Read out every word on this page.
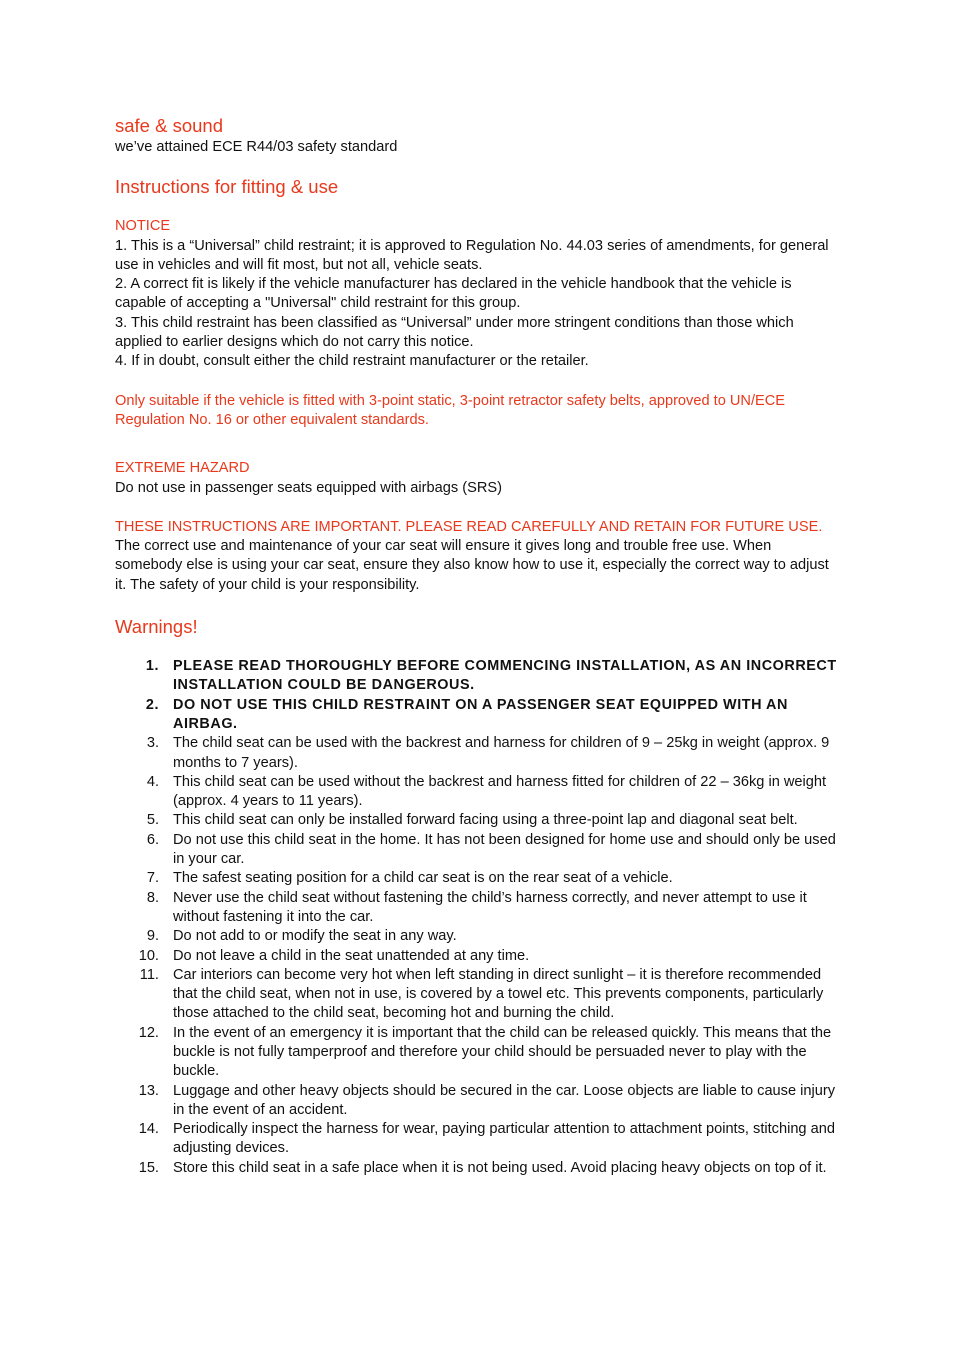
safe & sound

we’ve attained ECE R44/03 safety standard

Instructions for fitting & use
NOTICE

1. This is a “Universal” child restraint; it is approved to Regulation No. 44.03 series of amendments, for general use in vehicles and will fit most, but not all, vehicle seats.

2. A correct fit is likely if the vehicle manufacturer has declared in the vehicle handbook that the vehicle is capable of accepting a "Universal" child restraint for this group.

3. This child restraint has been classified as “Universal” under more stringent conditions than those which applied to earlier designs which do not carry this notice.

4. If in doubt, consult either the child restraint manufacturer or the retailer.

Only suitable if the vehicle is fitted with 3-point static, 3-point retractor safety belts, approved to UN/ECE Regulation No. 16 or other equivalent standards.

EXTREME HAZARD

Do not use in passenger seats equipped with airbags (SRS)

THESE INSTRUCTIONS ARE IMPORTANT. PLEASE READ CAREFULLY AND RETAIN FOR FUTURE USE.

The correct use and maintenance of your car seat will ensure it gives long and trouble free use. When somebody else is using your car seat, ensure they also know how to use it, especially the correct way to adjust it. The safety of your child is your responsibility.

Warnings!
1. PLEASE READ THOROUGHLY BEFORE COMMENCING INSTALLATION, AS AN INCORRECT INSTALLATION COULD BE DANGEROUS.
2. DO NOT USE THIS CHILD RESTRAINT ON A PASSENGER SEAT EQUIPPED WITH AN AIRBAG.
3. The child seat can be used with the backrest and harness for children of 9 – 25kg in weight (approx. 9 months to 7 years).
4. This child seat can be used without the backrest and harness fitted for children of 22 – 36kg in weight (approx. 4 years to 11 years).
5. This child seat can only be installed forward facing using a three-point lap and diagonal seat belt.
6. Do not use this child seat in the home. It has not been designed for home use and should only be used in your car.
7. The safest seating position for a child car seat is on the rear seat of a vehicle.
8. Never use the child seat without fastening the child’s harness correctly, and never attempt to use it without fastening it into the car.
9. Do not add to or modify the seat in any way.
10. Do not leave a child in the seat unattended at any time.
11. Car interiors can become very hot when left standing in direct sunlight – it is therefore recommended that the child seat, when not in use, is covered by a towel etc. This prevents components, particularly those attached to the child seat, becoming hot and burning the child.
12. In the event of an emergency it is important that the child can be released quickly. This means that the buckle is not fully tamperproof and therefore your child should be persuaded never to play with the buckle.
13. Luggage and other heavy objects should be secured in the car. Loose objects are liable to cause injury in the event of an accident.
14. Periodically inspect the harness for wear, paying particular attention to attachment points, stitching and adjusting devices.
15. Store this child seat in a safe place when it is not being used. Avoid placing heavy objects on top of it.
